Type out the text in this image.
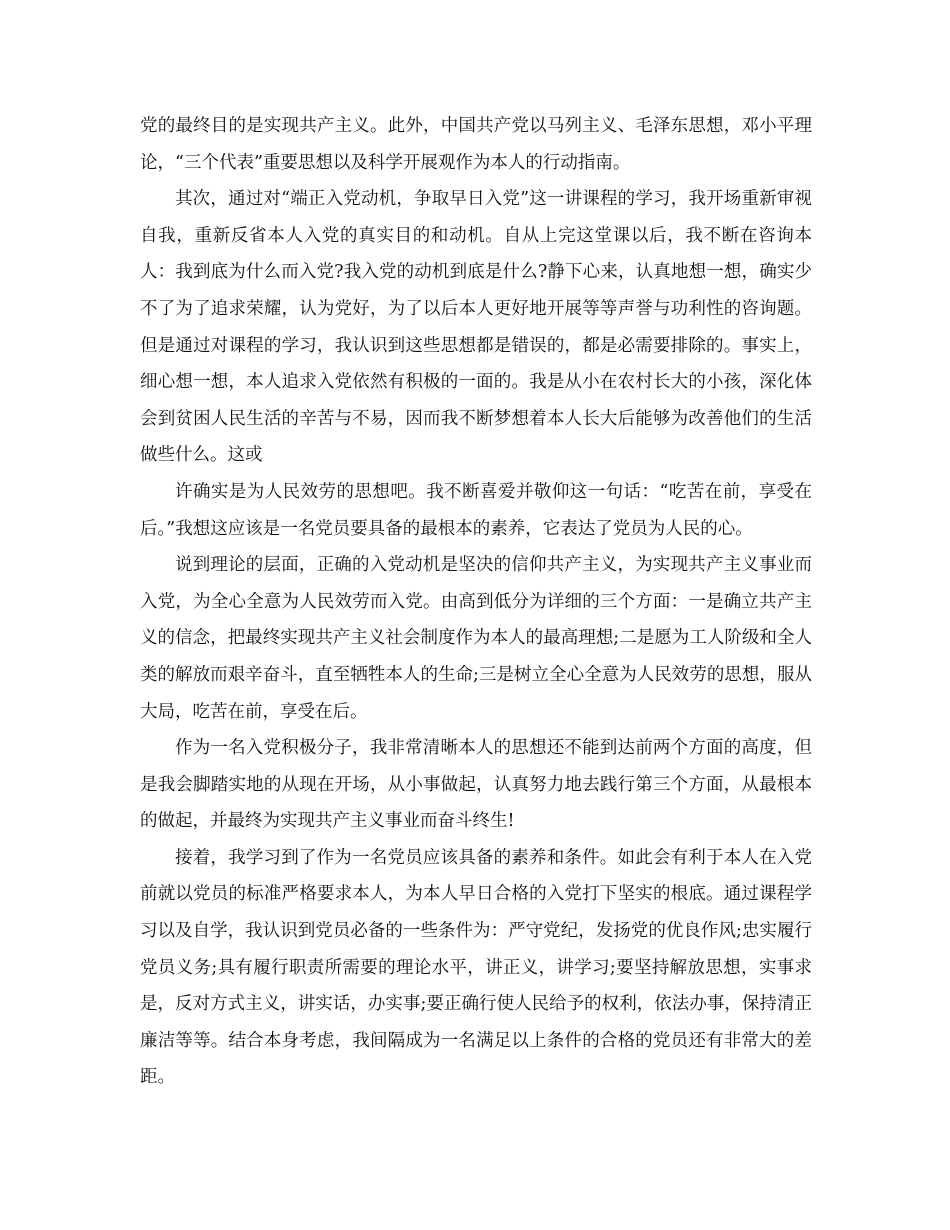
党的最终目的是实现共产主义。此外，中国共产党以马列主义、毛泽东思想，邓小平理论，“三个代表”重要思想以及科学开展观作为本人的行动指南。

其次，通过对“端正入党动机，争取早日入党”这一讲课程的学习，我开场重新审视自我，重新反省本人入党的真实目的和动机。自从上完这堂课以后，我不断在咨询本人：我到底为什么而入党?我入党的动机到底是什么?静下心来，认真地想一想，确实少不了为了追求荣耀，认为党好，为了以后本人更好地开展等等声誉与功利性的咨询题。但是通过对课程的学习，我认识到这些思想都是错误的，都是必需要排除的。事实上，细心想一想，本人追求入党依然有积极的一面的。我是从小在农村长大的小孩，深化体会到贫困人民生活的辛苦与不易，因而我不断梦想着本人长大后能够为改善他们的生活做些什么。这或

许确实是为人民效劳的思想吧。我不断喜爱并敬仰这一句话：“吃苦在前，享受在后。”我想这应该是一名党员要具备的最根本的素养，它表达了党员为人民的心。

说到理论的层面，正确的入党动机是坚决的信仰共产主义，为实现共产主义事业而入党，为全心全意为人民效劳而入党。由高到低分为详细的三个方面：一是确立共产主义的信念，把最终实现共产主义社会制度作为本人的最高理想;二是愿为工人阶级和全人类的解放而艰辛奋斗，直至牺牲本人的生命;三是树立全心全意为人民效劳的思想，服从大局，吃苦在前，享受在后。

作为一名入党积极分子，我非常清晰本人的思想还不能到达前两个方面的高度，但是我会脚踏实地的从现在开场，从小事做起，认真努力地去践行第三个方面，从最根本的做起，并最终为实现共产主义事业而奋斗终生!

接着，我学习到了作为一名党员应该具备的素养和条件。如此会有利于本人在入党前就以党员的标准严格要求本人，为本人早日合格的入党打下坚实的根底。通过课程学习以及自学，我认识到党员必备的一些条件为：严守党纪，发扬党的优良作风;忠实履行党员义务;具有履行职责所需要的理论水平，讲正义，讲学习;要坚持解放思想，实事求是，反对方式主义，讲实话，办实事;要正确行使人民给予的权利，依法办事，保持清正廉洁等等。结合本身考虑，我间隔成为一名满足以上条件的合格的党员还有非常大的差距。
